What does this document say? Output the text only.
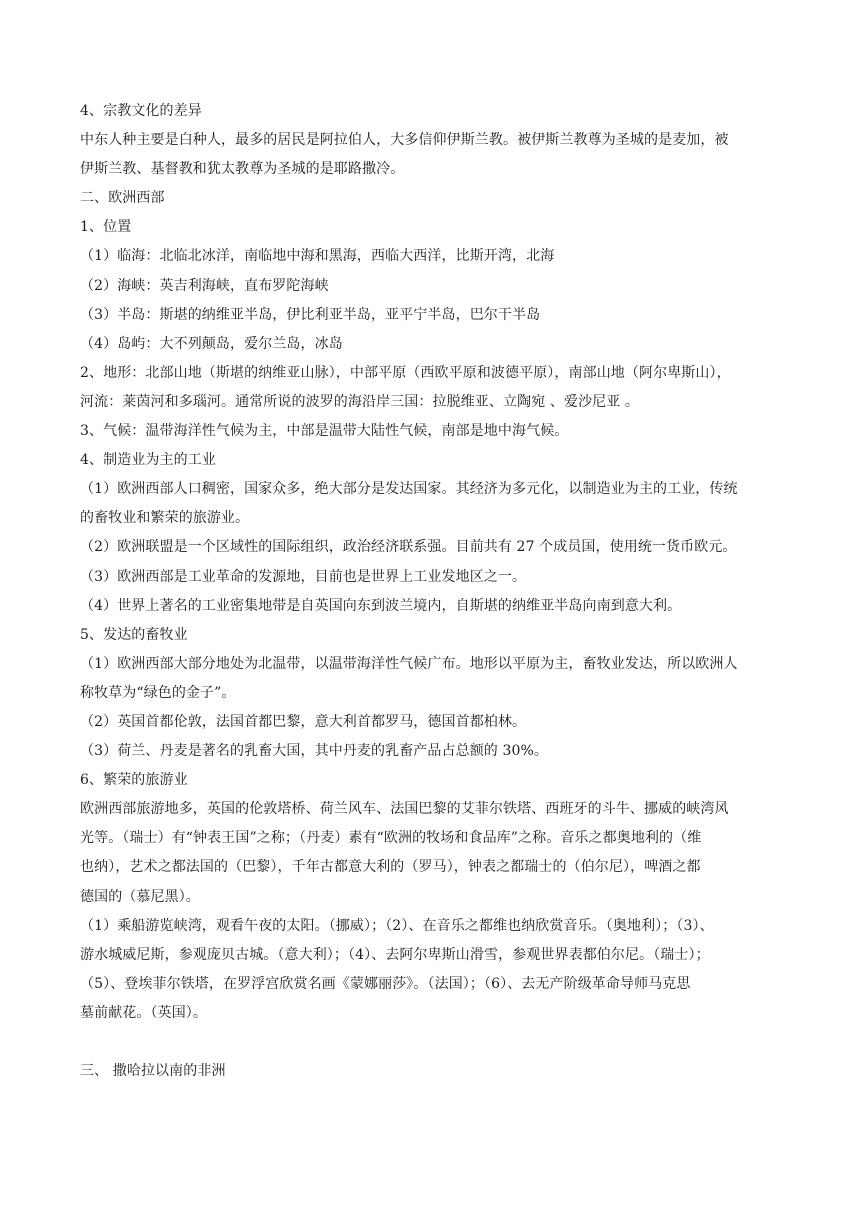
4、宗教文化的差异
中东人种主要是白种人，最多的居民是阿拉伯人，大多信仰伊斯兰教。被伊斯兰教尊为圣城的是麦加，被
伊斯兰教、基督教和犹太教尊为圣城的是耶路撒冷。
二、欧洲西部
1、位置
（1）临海：北临北冰洋，南临地中海和黑海，西临大西洋，比斯开湾，北海
（2）海峡：英吉利海峡，直布罗陀海峡
（3）半岛：斯堪的纳维亚半岛，伊比利亚半岛，亚平宁半岛，巴尔干半岛
（4）岛屿：大不列颠岛，爱尔兰岛，冰岛
2、地形：北部山地（斯堪的纳维亚山脉），中部平原（西欧平原和波德平原），南部山地（阿尔卑斯山），
河流：莱茵河和多瑙河。通常所说的波罗的海沿岸三国：拉脱维亚、立陶宛 、爱沙尼亚 。
3、气候：温带海洋性气候为主，中部是温带大陆性气候，南部是地中海气候。
4、制造业为主的工业
（1）欧洲西部人口稠密，国家众多，绝大部分是发达国家。其经济为多元化，以制造业为主的工业，传统
的畜牧业和繁荣的旅游业。
（2）欧洲联盟是一个区域性的国际组织，政治经济联系强。目前共有 27 个成员国，使用统一货币欧元。
（3）欧洲西部是工业革命的发源地，目前也是世界上工业发地区之一。
（4）世界上著名的工业密集地带是自英国向东到波兰境内，自斯堪的纳维亚半岛向南到意大利。
5、发达的畜牧业
（1）欧洲西部大部分地处为北温带，以温带海洋性气候广布。地形以平原为主，畜牧业发达，所以欧洲人
称牧草为“绿色的金子”。
（2）英国首都伦敦，法国首都巴黎，意大利首都罗马，德国首都柏林。
（3）荷兰、丹麦是著名的乳畜大国，其中丹麦的乳畜产品占总额的 30%。
6、繁荣的旅游业
欧洲西部旅游地多，英国的伦敦塔桥、荷兰风车、法国巴黎的艾菲尔铁塔、西班牙的斗牛、挪威的峡湾风
光等。（瑞士）有“钟表王国”之称；（丹麦）素有“欧洲的牧场和食品库”之称。音乐之都奥地利的（维
也纳），艺术之都法国的（巴黎），千年古都意大利的（罗马），钟表之都瑞士的（伯尔尼），啤酒之都
德国的（慕尼黑）。
（1）乘船游览峡湾，观看午夜的太阳。（挪威）；（2）、在音乐之都维也纳欣赏音乐。（奥地利）；（3）、
游水城威尼斯，参观庞贝古城。（意大利）；（4）、去阿尔卑斯山滑雪，参观世界表都伯尔尼。（瑞士）；
（5）、登埃菲尔铁塔，在罗浮宫欣赏名画《蒙娜丽莎》。（法国）；（6）、去无产阶级革命导师马克思
墓前献花。（英国）。
三、 撒哈拉以南的非洲
